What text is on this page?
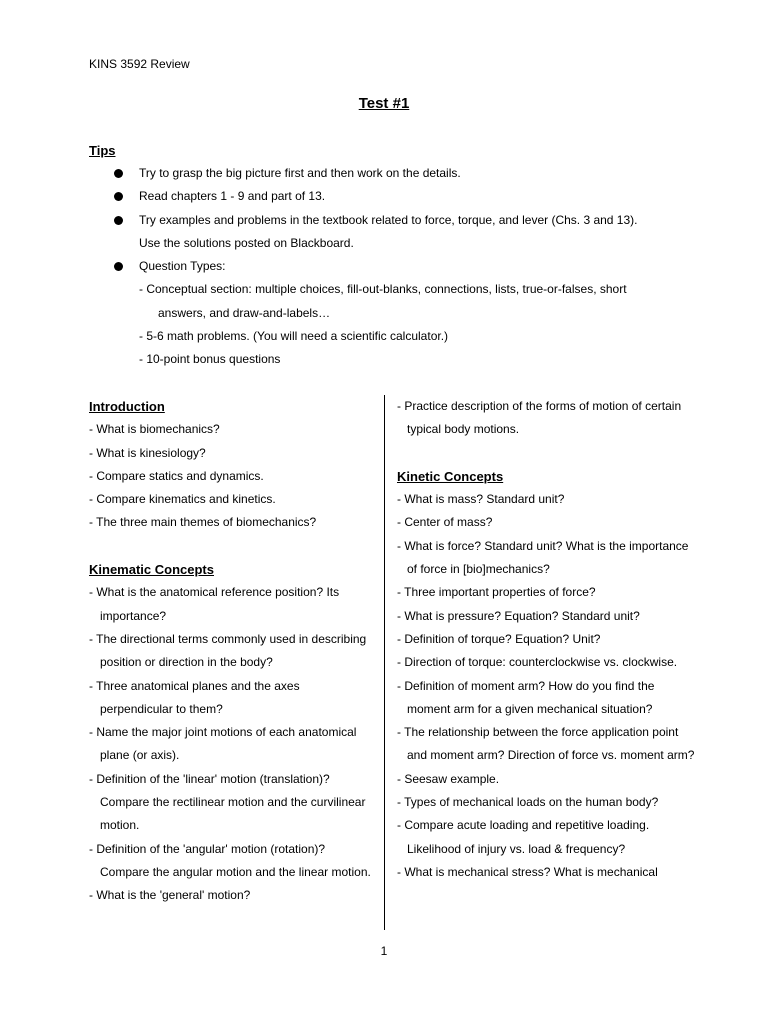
KINS 3592 Review
Test #1
Tips
Try to grasp the big picture first and then work on the details.
Read chapters 1 - 9 and part of 13.
Try examples and problems in the textbook related to force, torque, and lever (Chs. 3 and 13).
Use the solutions posted on Blackboard.
Question Types:
- Conceptual section: multiple choices, fill-out-blanks, connections, lists, true-or-falses, short
answers, and draw-and-labels…
- 5-6 math problems. (You will need a scientific calculator.)
- 10-point bonus questions
Introduction
- What is biomechanics?
- What is kinesiology?
- Compare statics and dynamics.
- Compare kinematics and kinetics.
- The three main themes of biomechanics?
Kinematic Concepts
- What is the anatomical reference position? Its importance?
- The directional terms commonly used in describing position or direction in the body?
- Three anatomical planes and the axes perpendicular to them?
- Name the major joint motions of each anatomical plane (or axis).
- Definition of the 'linear' motion (translation)? Compare the rectilinear motion and the curvilinear motion.
- Definition of the 'angular' motion (rotation)? Compare the angular motion and the linear motion.
- What is the 'general' motion?
- Practice description of the forms of motion of certain typical body motions.
Kinetic Concepts
- What is mass? Standard unit?
- Center of mass?
- What is force? Standard unit? What is the importance of force in [bio]mechanics?
- Three important properties of force?
- What is pressure? Equation? Standard unit?
- Definition of torque? Equation? Unit?
- Direction of torque: counterclockwise vs. clockwise.
- Definition of moment arm? How do you find the moment arm for a given mechanical situation?
- The relationship between the force application point and moment arm? Direction of force vs. moment arm?
- Seesaw example.
- Types of mechanical loads on the human body?
- Compare acute loading and repetitive loading. Likelihood of injury vs. load & frequency?
- What is mechanical stress? What is mechanical
1
